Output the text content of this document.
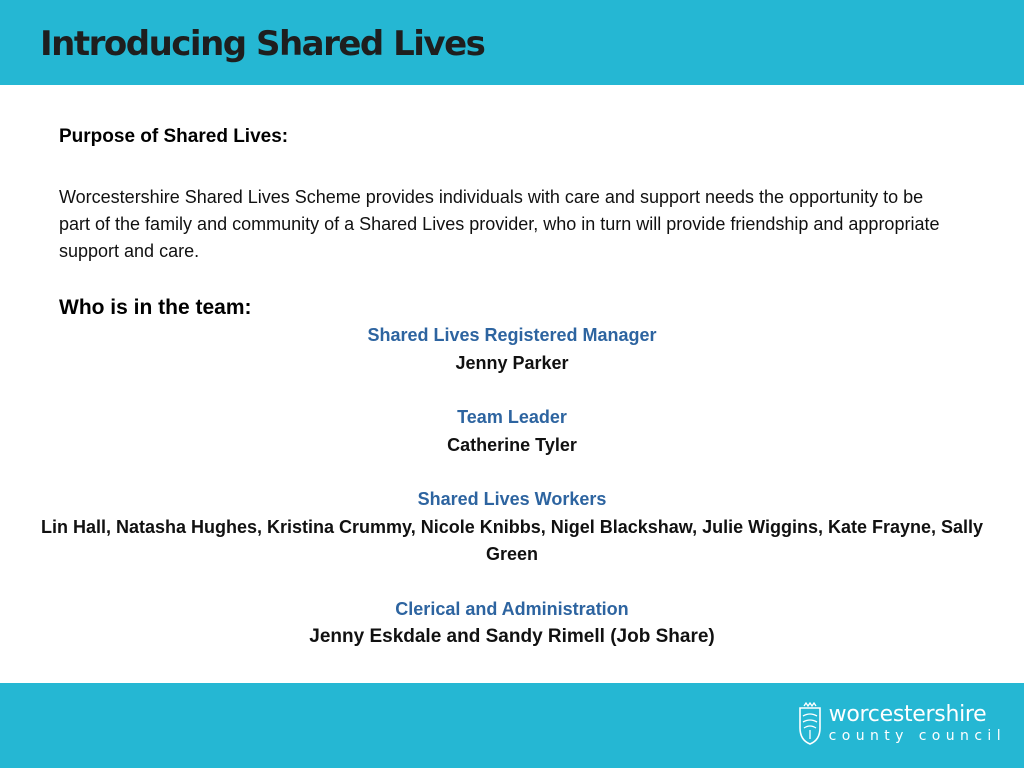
Introducing Shared Lives
Purpose of Shared Lives:

Worcestershire Shared Lives Scheme provides individuals with care and support needs the opportunity to be part of the family and community of a Shared Lives provider, who in turn will provide friendship and appropriate support and care.

Who is in the team:
Shared Lives Registered Manager
Jenny Parker
Team Leader
Catherine Tyler
Shared Lives Workers
Lin Hall, Natasha Hughes, Kristina Crummy, Nicole Knibbs, Nigel Blackshaw, Julie Wiggins, Kate Frayne, Sally Green
Clerical and Administration
Jenny Eskdale and Sandy Rimell (Job Share)
worcestershire
county council
